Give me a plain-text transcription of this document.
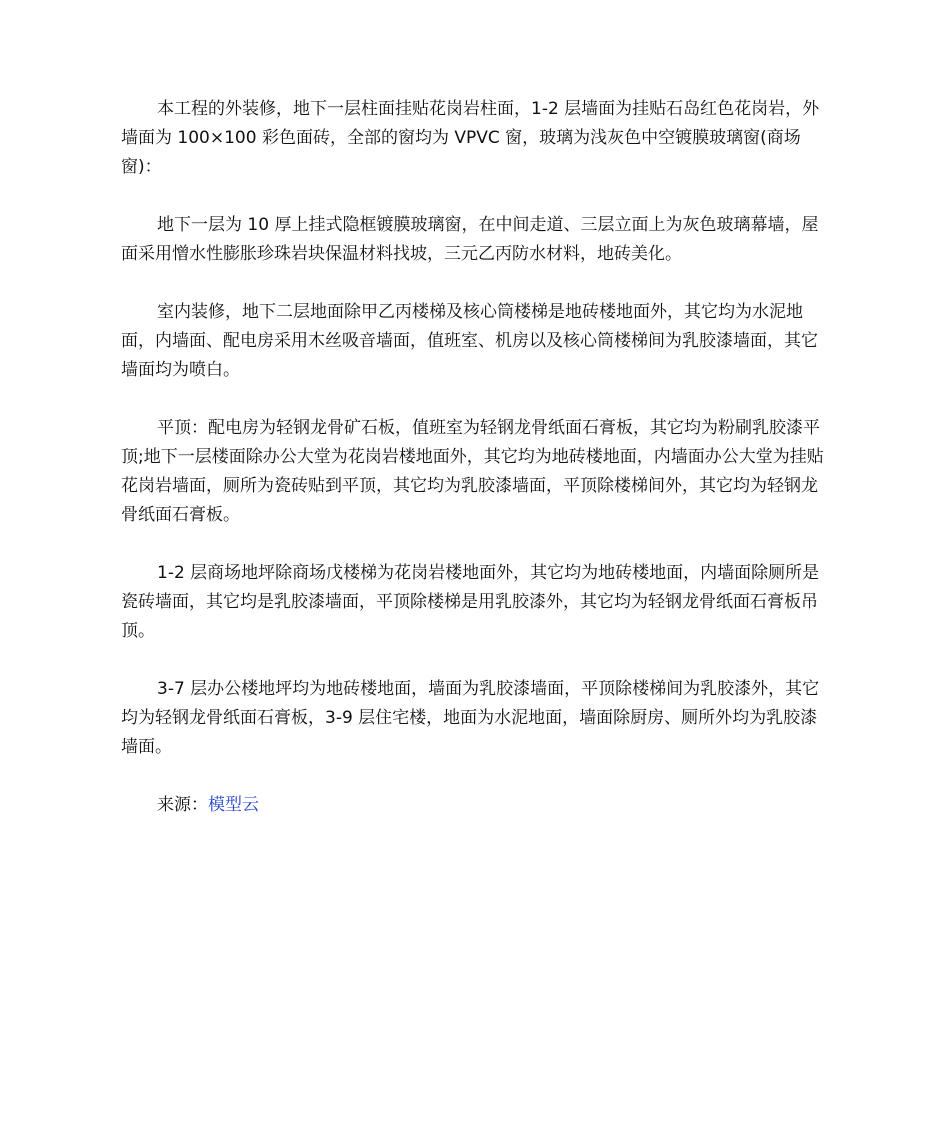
本工程的外装修，地下一层柱面挂贴花岗岩柱面，1-2 层墙面为挂贴石岛红色花岗岩，外墙面为 100×100 彩色面砖，全部的窗均为 VPVC 窗，玻璃为浅灰色中空镀膜玻璃窗(商场窗)：

地下一层为 10 厚上挂式隐框镀膜玻璃窗，在中间走道、三层立面上为灰色玻璃幕墙，屋面采用憎水性膨胀珍珠岩块保温材料找坡，三元乙丙防水材料，地砖美化。

室内装修，地下二层地面除甲乙丙楼梯及核心筒楼梯是地砖楼地面外，其它均为水泥地面，内墙面、配电房采用木丝吸音墙面，值班室、机房以及核心筒楼梯间为乳胶漆墙面，其它墙面均为喷白。

平顶：配电房为轻钢龙骨矿石板，值班室为轻钢龙骨纸面石膏板，其它均为粉刷乳胶漆平顶;地下一层楼面除办公大堂为花岗岩楼地面外，其它均为地砖楼地面，内墙面办公大堂为挂贴花岗岩墙面，厕所为瓷砖贴到平顶，其它均为乳胶漆墙面，平顶除楼梯间外，其它均为轻钢龙骨纸面石膏板。

1-2 层商场地坪除商场戊楼梯为花岗岩楼地面外，其它均为地砖楼地面，内墙面除厕所是瓷砖墙面，其它均是乳胶漆墙面，平顶除楼梯是用乳胶漆外，其它均为轻钢龙骨纸面石膏板吊顶。

3-7 层办公楼地坪均为地砖楼地面，墙面为乳胶漆墙面，平顶除楼梯间为乳胶漆外，其它均为轻钢龙骨纸面石膏板，3-9 层住宅楼，地面为水泥地面，墙面除厨房、厕所外均为乳胶漆墙面。

来源：模型云
